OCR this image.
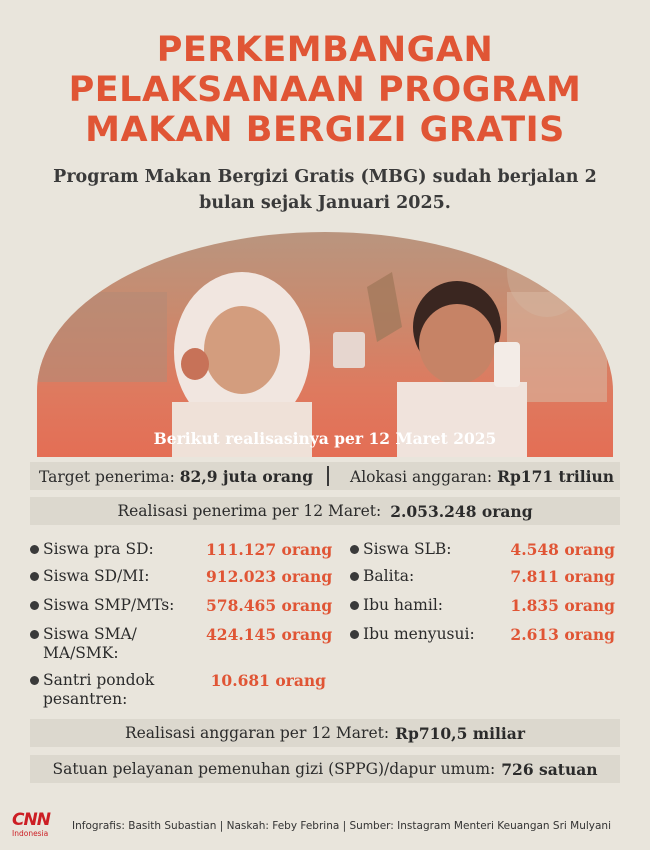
PERKEMBANGAN
PELAKSANAAN PROGRAM
MAKAN BERGIZI GRATIS
Program Makan Bergizi Gratis (MBG) sudah berjalan 2 bulan sejak Januari 2025.
Berikut realisasinya per 12 Maret 2025
Target penerima: 82,9 juta orang Alokasi anggaran: Rp171 triliun
Realisasi penerima per 12 Maret: 2.053.248 orang
Siswa pra SD:	111.127 orang
Siswa SD/MI:	912.023 orang
Siswa SMP/MTs: 578.465 orang
Siswa SMA/
MA/SMK:
424.145 orang
Santri pondok
pesantren:
10.681 orang
Siswa SLB:	4.548 orang
Balita:	7.811 orang
Ibu hamil:	1.835 orang
Ibu menyusui:	2.613 orang
Realisasi anggaran per 12 Maret: Rp710,5 miliar
Satuan pelayanan pemenuhan gizi (SPPG)/dapur umum: 726 satuan
CNN
Indonesia
Infografis: Basith Subastian | Naskah: Feby Febrina | Sumber: Instagram Menteri Keuangan Sri Mulyani
